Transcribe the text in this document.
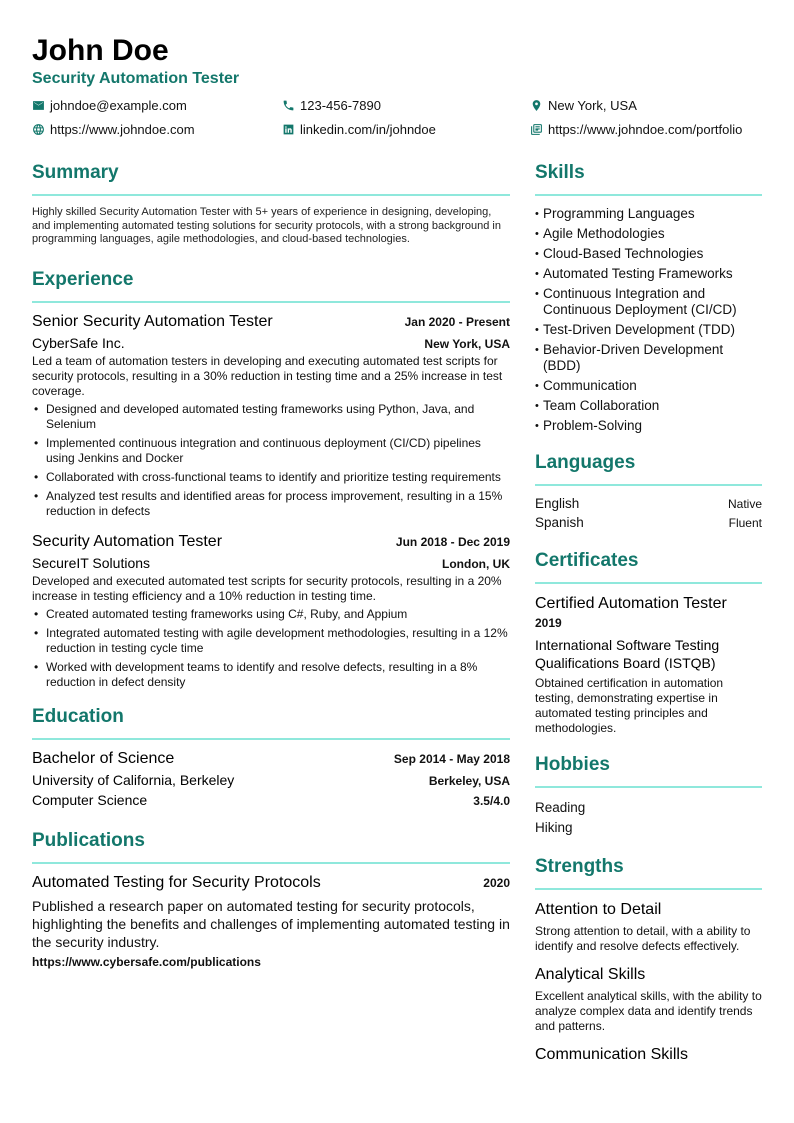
John Doe
Security Automation Tester
johndoe@example.com	123-456-7890	New York, USA
https://www.johndoe.com	linkedin.com/in/johndoe	https://www.johndoe.com/portfolio
Summary
Highly skilled Security Automation Tester with 5+ years of experience in designing, developing, and implementing automated testing solutions for security protocols, with a strong background in programming languages, agile methodologies, and cloud-based technologies.
Experience
Senior Security Automation Tester	Jan 2020 - Present
CyberSafe Inc.	New York, USA
Led a team of automation testers in developing and executing automated test scripts for security protocols, resulting in a 30% reduction in testing time and a 25% increase in test coverage.
• Designed and developed automated testing frameworks using Python, Java, and Selenium
• Implemented continuous integration and continuous deployment (CI/CD) pipelines using Jenkins and Docker
• Collaborated with cross-functional teams to identify and prioritize testing requirements
• Analyzed test results and identified areas for process improvement, resulting in a 15% reduction in defects
Security Automation Tester	Jun 2018 - Dec 2019
SecureIT Solutions	London, UK
Developed and executed automated test scripts for security protocols, resulting in a 20% increase in testing efficiency and a 10% reduction in testing time.
• Created automated testing frameworks using C#, Ruby, and Appium
• Integrated automated testing with agile development methodologies, resulting in a 12% reduction in testing cycle time
• Worked with development teams to identify and resolve defects, resulting in a 8% reduction in defect density
Education
Bachelor of Science	Sep 2014 - May 2018
University of California, Berkeley	Berkeley, USA
Computer Science	3.5/4.0
Publications
Automated Testing for Security Protocols	2020
Published a research paper on automated testing for security protocols, highlighting the benefits and challenges of implementing automated testing in the security industry.
https://www.cybersafe.com/publications
Skills
• Programming Languages
• Agile Methodologies
• Cloud-Based Technologies
• Automated Testing Frameworks
• Continuous Integration and Continuous Deployment (CI/CD)
• Test-Driven Development (TDD)
• Behavior-Driven Development (BDD)
• Communication
• Team Collaboration
• Problem-Solving
Languages
English	Native
Spanish	Fluent
Certificates
Certified Automation Tester
2019
International Software Testing Qualifications Board (ISTQB)
Obtained certification in automation testing, demonstrating expertise in automated testing principles and methodologies.
Hobbies
Reading
Hiking
Strengths
Attention to Detail
Strong attention to detail, with a ability to identify and resolve defects effectively.
Analytical Skills
Excellent analytical skills, with the ability to analyze complex data and identify trends and patterns.
Communication Skills
